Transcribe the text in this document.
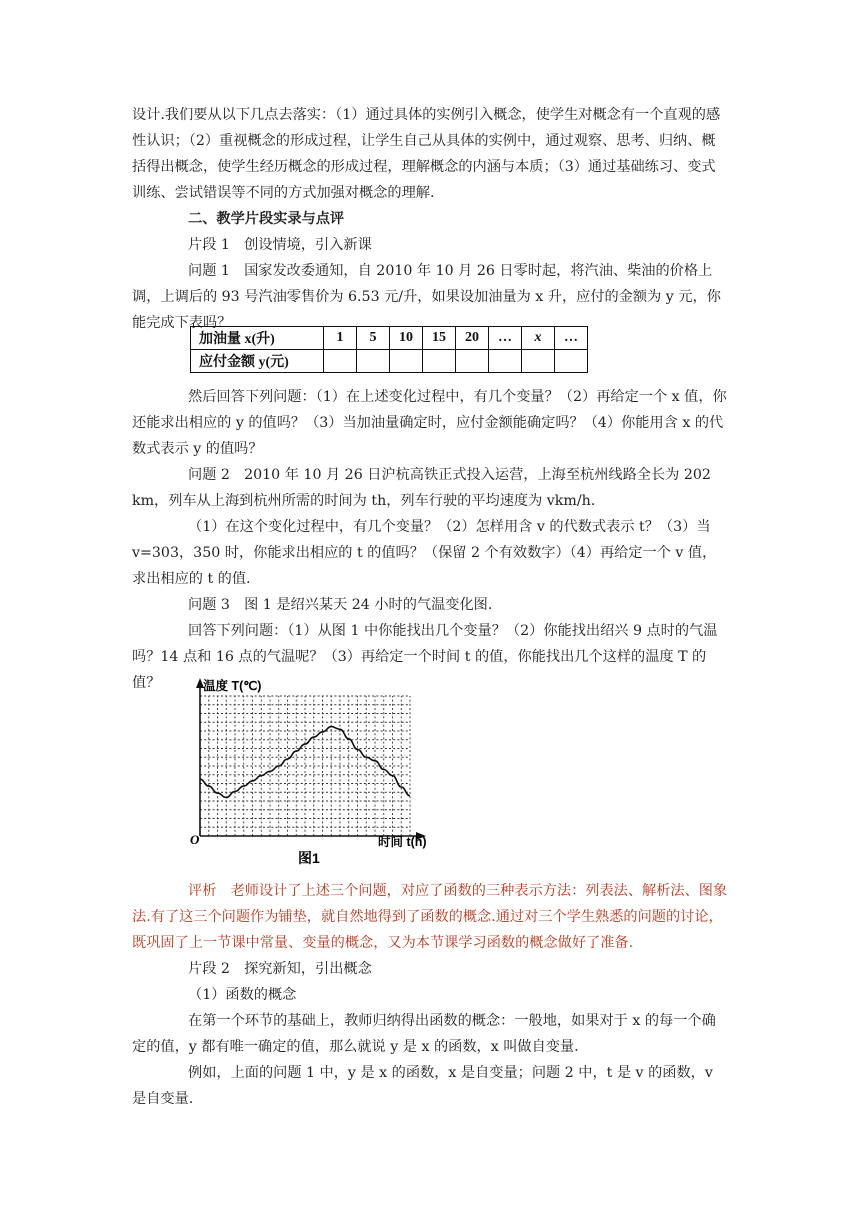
设计.我们要从以下几点去落实：（1）通过具体的实例引入概念，使学生对概念有一个直观的感性认识；（2）重视概念的形成过程，让学生自己从具体的实例中，通过观察、思考、归纳、概括得出概念，使学生经历概念的形成过程，理解概念的内涵与本质；（3）通过基础练习、变式训练、尝试错误等不同的方式加强对概念的理解.

二、教学片段实录与点评

片段 1　创设情境，引入新课

问题 1　国家发改委通知，自 2010 年 10 月 26 日零时起，将汽油、柴油的价格上调，上调后的 93 号汽油零售价为 6.53 元/升，如果设加油量为 x 升，应付的金额为 y 元，你能完成下表吗？

加油量 x(升)	1	5	10	15	20	…	x	…
应付金额 y(元)								

然后回答下列问题：（1）在上述变化过程中，有几个变量？（2）再给定一个 x 值，你还能求出相应的 y 的值吗？（3）当加油量确定时，应付金额能确定吗？（4）你能用含 x 的代数式表示 y 的值吗？

问题 2　2010 年 10 月 26 日沪杭高铁正式投入运营，上海至杭州线路全长为 202 km，列车从上海到杭州所需的时间为 th，列车行驶的平均速度为 vkm/h.

（1）在这个变化过程中，有几个变量？（2）怎样用含 v 的代数式表示 t？（3）当 v=303，350 时，你能求出相应的 t 的值吗？（保留 2 个有效数字）（4）再给定一个 v 值，求出相应的 t 的值.

问题 3　图 1 是绍兴某天 24 小时的气温变化图.

回答下列问题：（1）从图 1 中你能找出几个变量？（2）你能找出绍兴 9 点时的气温吗？14 点和 16 点的气温呢？（3）再给定一个时间 t 的值，你能找出几个这样的温度 T 的值？	温度 T(℃)
O	时间 t(h)
图1

评析　老师设计了上述三个问题，对应了函数的三种表示方法：列表法、解析法、图象法.有了这三个问题作为铺垫，就自然地得到了函数的概念.通过对三个学生熟悉的问题的讨论，既巩固了上一节课中常量、变量的概念，又为本节课学习函数的概念做好了准备.

片段 2　探究新知，引出概念

（1）函数的概念

在第一个环节的基础上，教师归纳得出函数的概念：一般地，如果对于 x 的每一个确定的值，y 都有唯一确定的值，那么就说 y 是 x 的函数，x 叫做自变量.

例如，上面的问题 1 中，y 是 x 的函数，x 是自变量；问题 2 中，t 是 v 的函数，v 是自变量.
